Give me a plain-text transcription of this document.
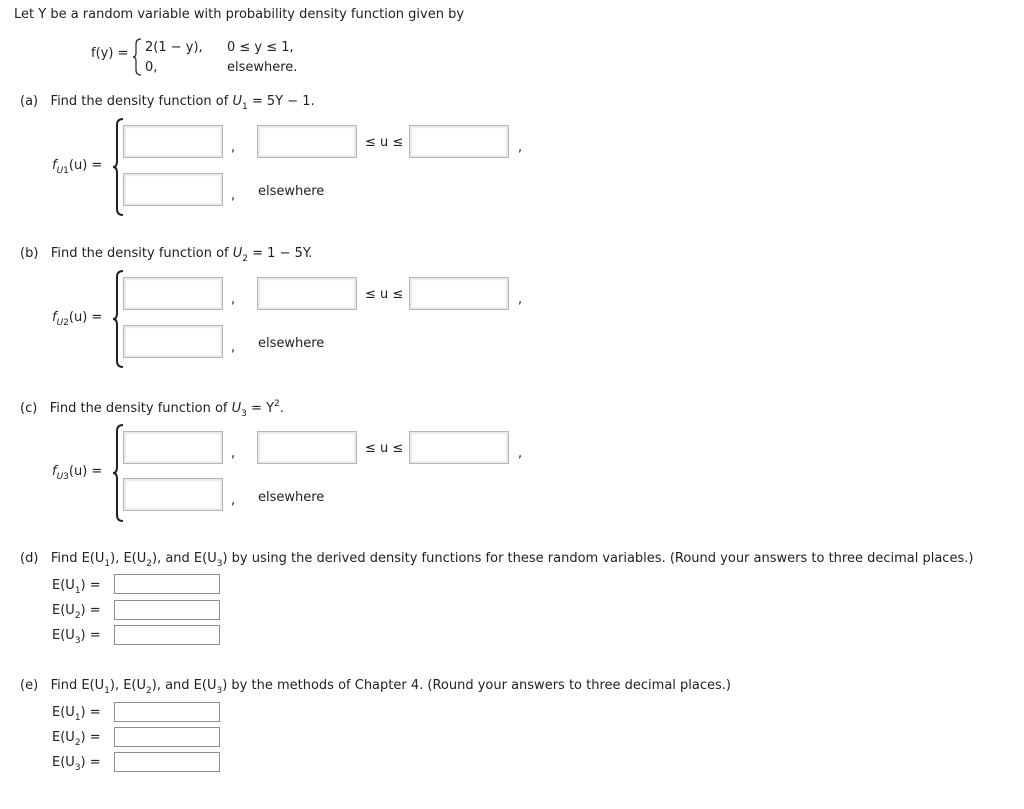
Let Y be a random variable with probability density function given by
f(y) = 2(1 − y), 0 ≤ y ≤ 1,
0,	elsewhere.
(a) Find the density function of $U_1 = 5Y - 1$.
$f_{U1}(u)$ =
,	≤ u ≤	,
, elsewhere
(b) Find the density function of $U_2 = 1 - 5Y$.
$f_{U2}(u)$ =
,	≤ u ≤	,
, elsewhere
(c) Find the density function of $U_3 = Y^2$.
$f_{U3}(u)$ =
,	≤ u ≤	,
, elsewhere
(d) Find $E(U_1)$, $E(U_2)$, and $E(U_3)$ by using the derived density functions for these random variables. (Round your answers to three decimal places.)
$E(U_1)$ =
$E(U_2)$ =
$E(U_3)$ =
(e) Find $E(U_1)$, $E(U_2)$, and $E(U_3)$ by the methods of Chapter 4. (Round your answers to three decimal places.)
$E(U_1)$ =
$E(U_2)$ =
$E(U_3)$ =
